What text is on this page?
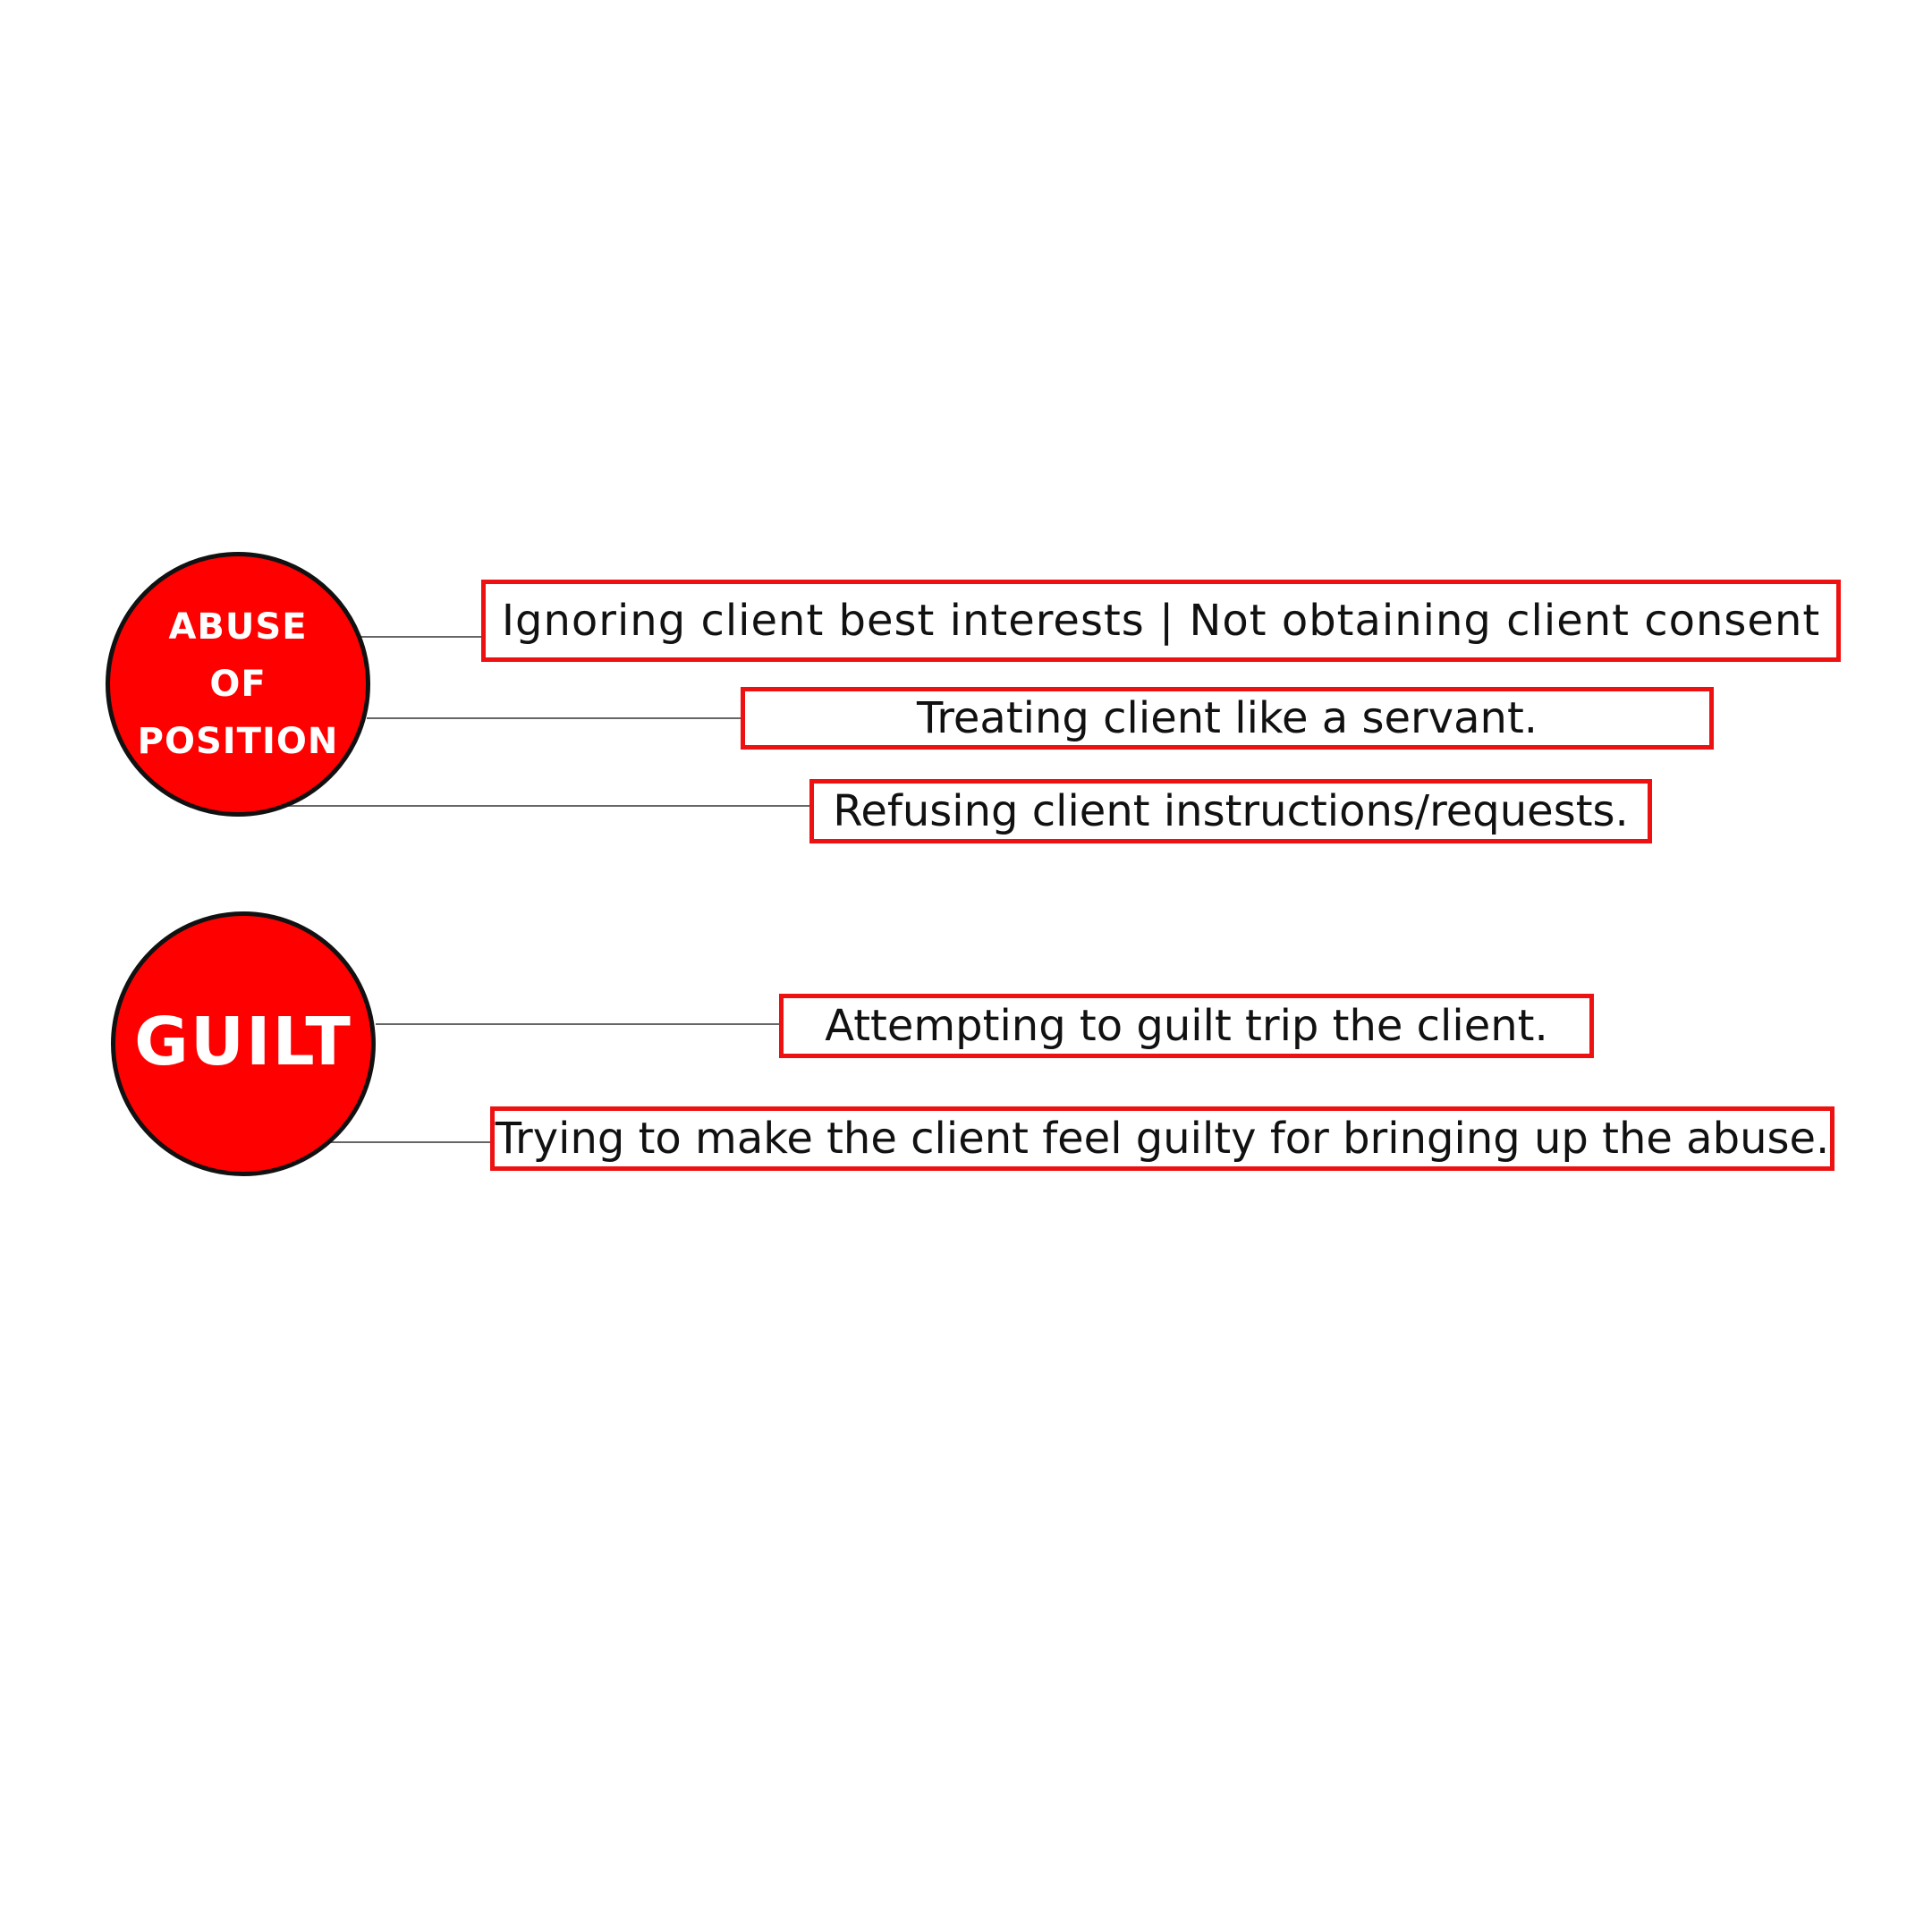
ABUSE
OF
POSITION
Ignoring client best interests | Not obtaining client consent
Treating client like a servant.
Refusing client instructions/requests.
GUILT	Attempting to guilt trip the client.
Trying to make the client feel guilty for bringing up the abuse.
